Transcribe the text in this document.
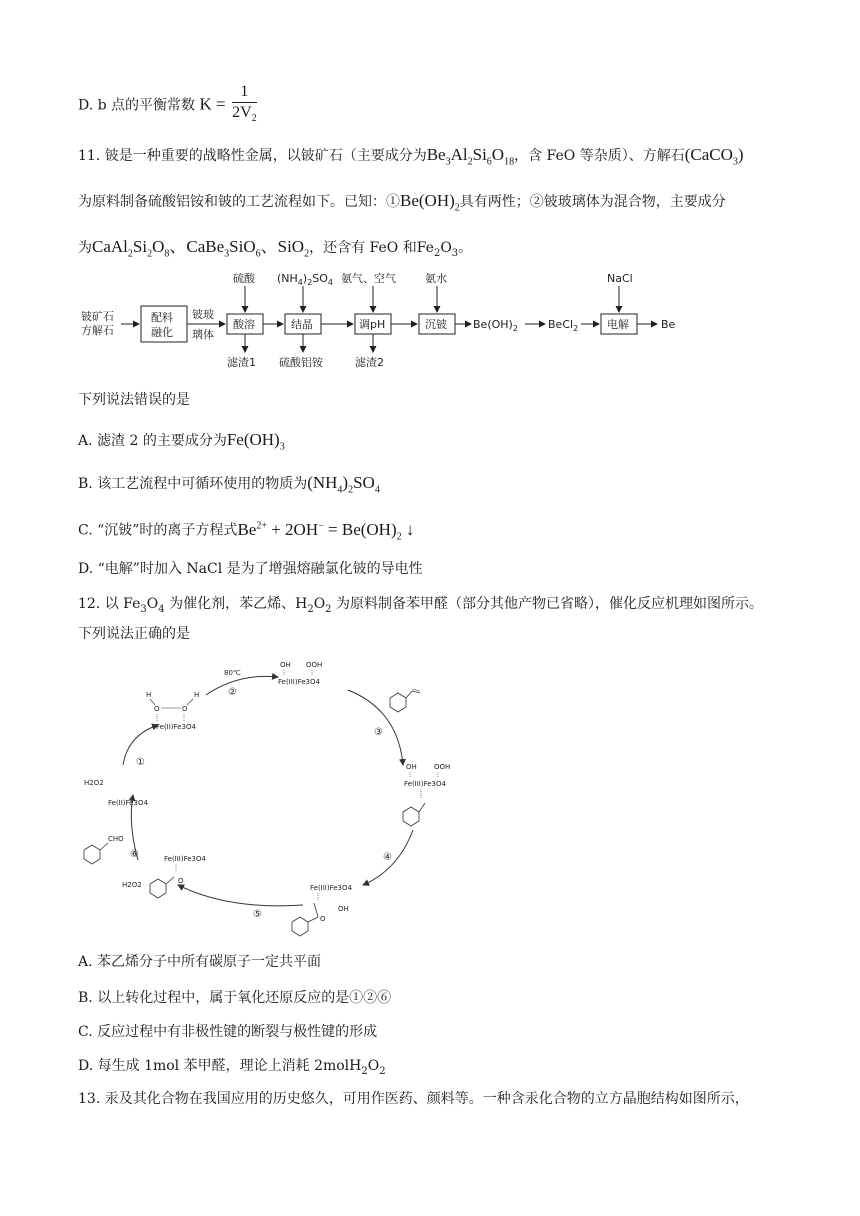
D. b 点的平衡常数 $K = \frac{1}{2V_2}$
11. 铍是一种重要的战略性金属，以铍矿石（主要成分为$Be_3Al_2Si_6O_{18}$，含 FeO 等杂质）、方解石(CaCO$_3$)
为原料制备硫酸铝铵和铍的工艺流程如下。已知：$①Be(OH)_2$具有两性；②铍玻璃体为混合物，主要成分
为$CaAl_2Si_2O_8$、CaBe$_3$SiO$_6$、SiO$_2$，还含有 FeO 和$Fe_2O_3$。
铍矿石
方解石
配料
融化
铍玻
璃体
酸溶
硫酸
滤渣1
结晶
$(NH_4)_2SO_4$
硫酸铝铵
调pH
氨气、空气
滤渣2
沉铍
氨水
$Be(OH)_2$	BeCl$_2$	电解
NaCl
Be
下列说法错误的是
A. 滤渣 2 的主要成分为$Fe(OH)_3$
B. 该工艺流程中可循环使用的物质为$(NH_4)_2SO_4$
C. “沉铍”时的离子方程式$Be^{2+} + 2OH^- = Be(OH)_2$ ↓
D. “电解”时加入 NaCl 是为了增强熔融氯化铍的导电性
12. 以 $Fe_3O_4$ 为催化剂，苯乙烯、$H_2O_2$ 为原料制备苯甲醛（部分其他产物已省略），催化反应机理如图所示。
下列说法正确的是
①
②
③
④
⑤
⑥
80℃
H	H
O	O
Fe(II)Fe3O4
OH OOH
Fe(III)Fe3O4
OH OOH
Fe(III)Fe3O4
Fe(III)Fe3O4
OH
O
Fe(III)Fe3O4
O
H2O2
CHO
H2O2
Fe(II)Fe3O4
A. 苯乙烯分子中所有碳原子一定共平面
B. 以上转化过程中，属于氧化还原反应的是①②⑥
C. 反应过程中有非极性键的断裂与极性键的形成
D. 每生成 1mol 苯甲醛，理论上消耗 $2molH_2O_2$
13. 汞及其化合物在我国应用的历史悠久，可用作医药、颜料等。一种含汞化合物的立方晶胞结构如图所示，
